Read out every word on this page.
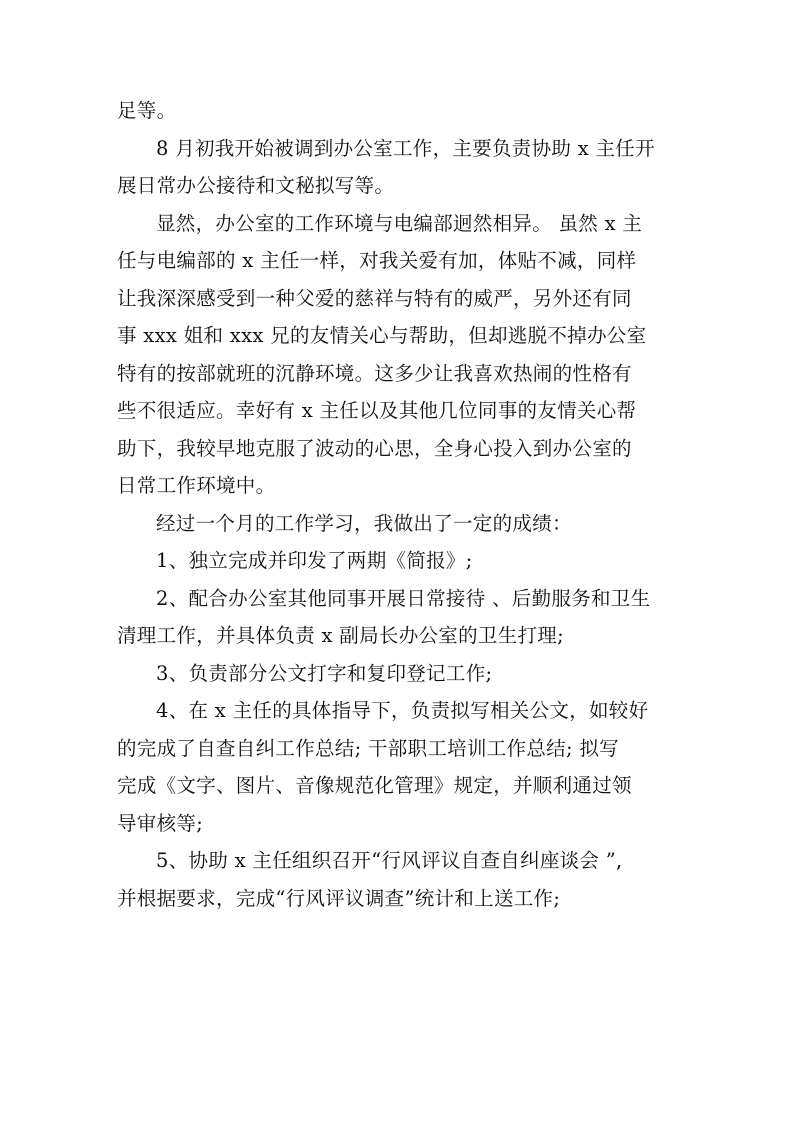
足等。

8 月初我开始被调到办公室工作，主要负责协助 x 主任开
展日常办公接待和文秘拟写等。

显然，办公室的工作环境与电编部迥然相异。 虽然 x 主
任与电编部的 x 主任一样，对我关爱有加，体贴不减，同样
让我深深感受到一种父爱的慈祥与特有的威严，另外还有同
事 xxx 姐和 xxx 兄的友情关心与帮助，但却逃脱不掉办公室
特有的按部就班的沉静环境。这多少让我喜欢热闹的性格有
些不很适应。幸好有 x 主任以及其他几位同事的友情关心帮
助下，我较早地克服了波动的心思，全身心投入到办公室的
日常工作环境中。

经过一个月的工作学习，我做出了一定的成绩：

1、独立完成并印发了两期《简报》;

2、配合办公室其他同事开展日常接待 、后勤服务和卫生
清理工作，并具体负责 x 副局长办公室的卫生打理;

3、负责部分公文打字和复印登记工作;

4、在 x 主任的具体指导下，负责拟写相关公文，如较好
的完成了自查自纠工作总结; 干部职工培训工作总结; 拟写
完成《文字、图片、音像规范化管理》规定，并顺利通过领
导审核等;

5、协助 x 主任组织召开“行风评议自查自纠座谈会 ”,
并根据要求，完成“行风评议调查”统计和上送工作;
